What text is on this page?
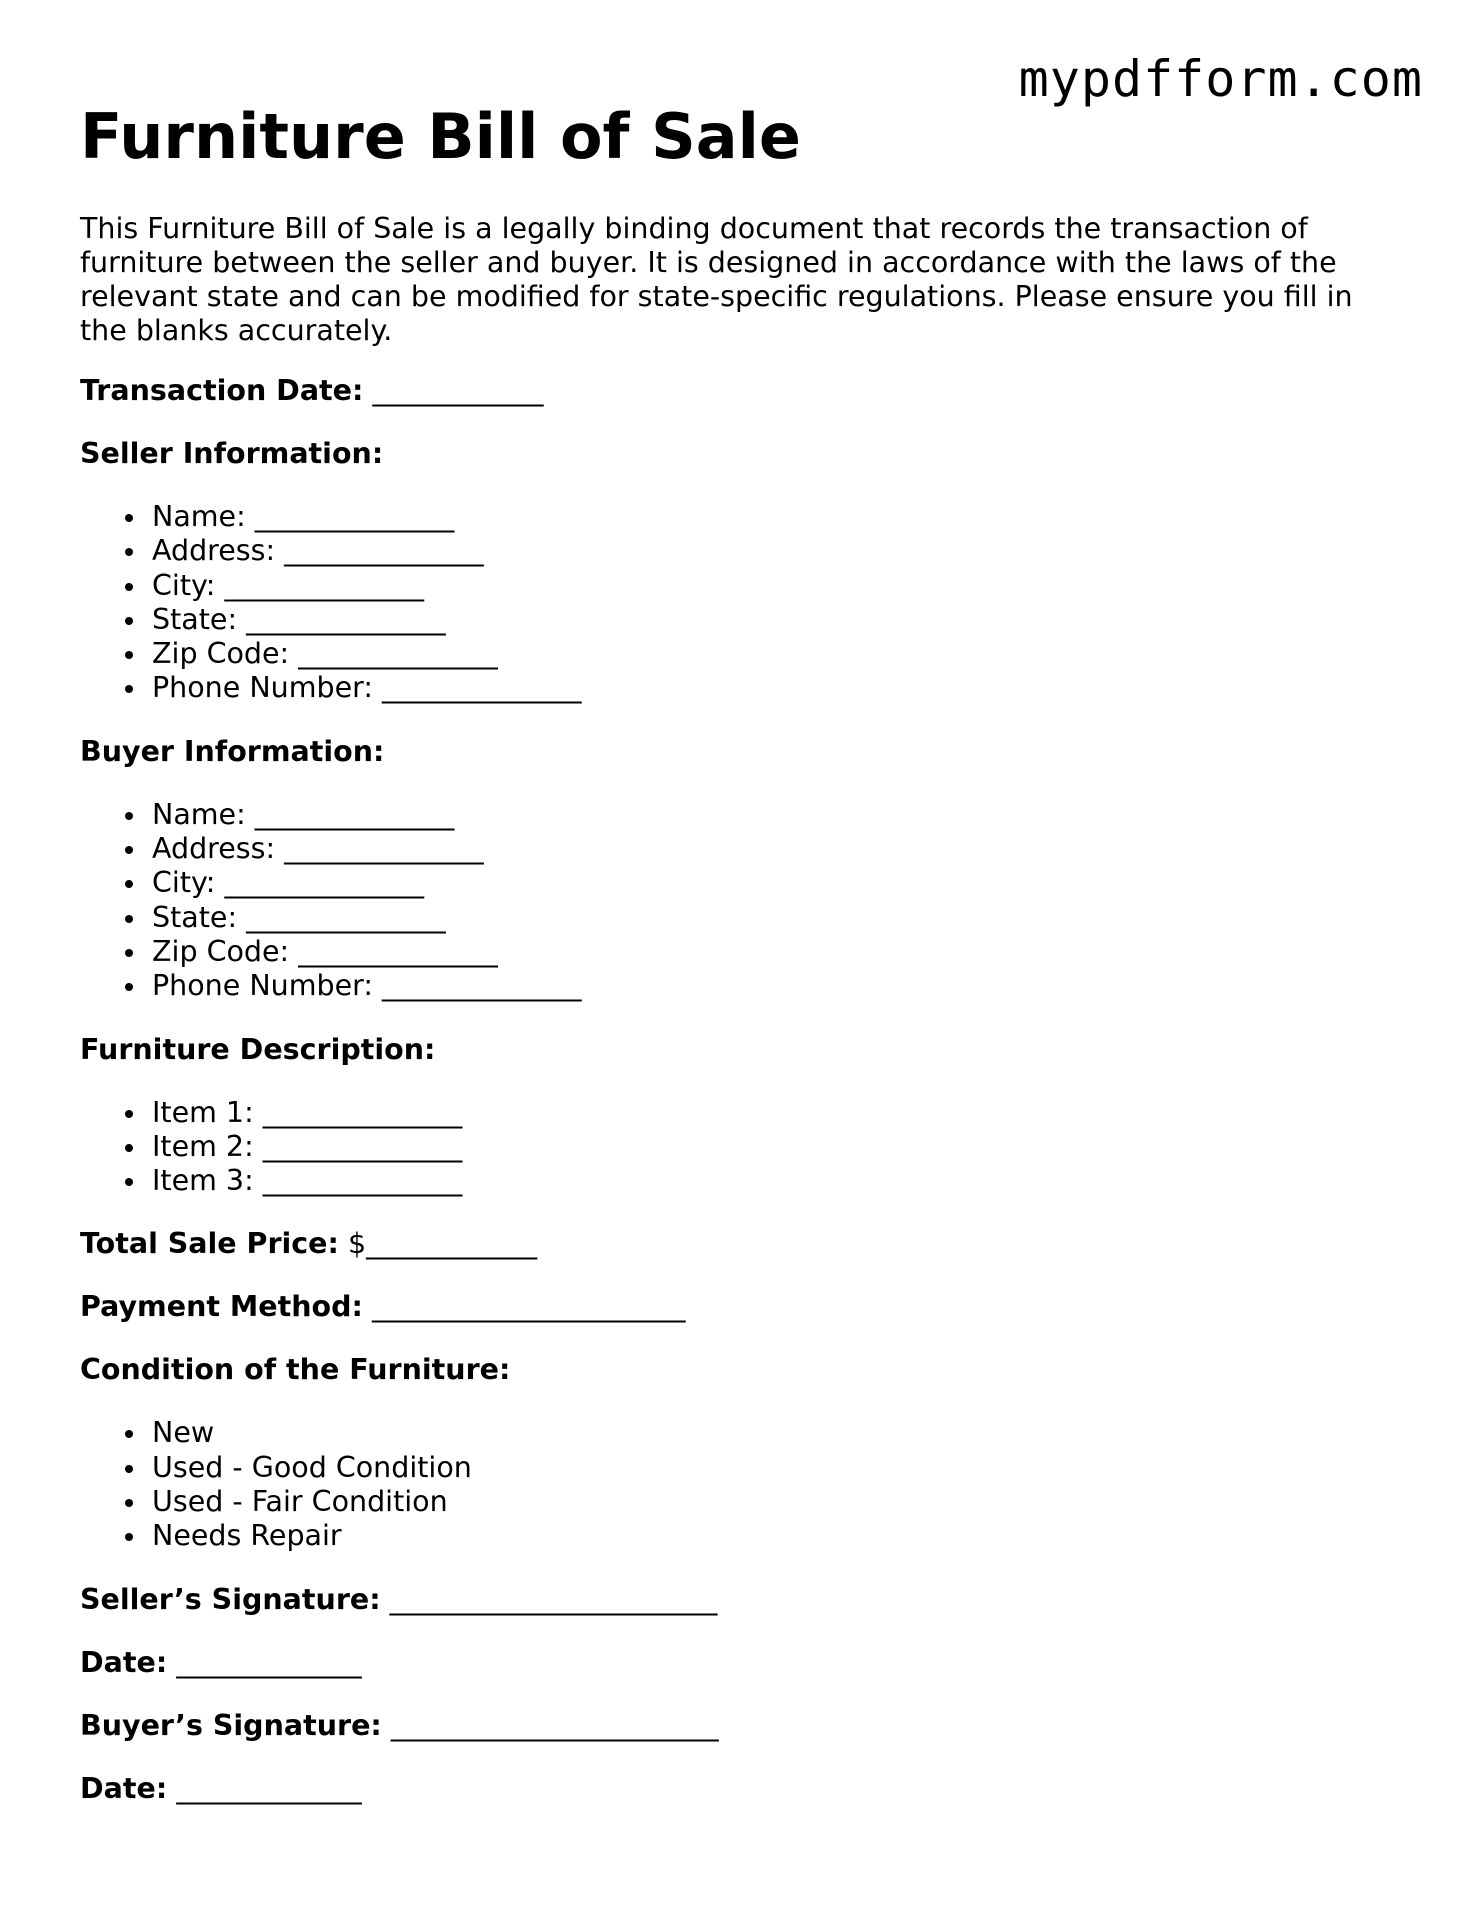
mypdfform.com
Furniture Bill of Sale

This Furniture Bill of Sale is a legally binding document that records the transaction of furniture between the seller and buyer. It is designed in accordance with the laws of the relevant state and can be modified for state-specific regulations. Please ensure you fill in the blanks accurately.

Transaction Date: ____________

Seller Information:

Name: ______________
Address: ______________
City: ______________
State: ______________
Zip Code: ______________
Phone Number: ______________

Buyer Information:

Name: ______________
Address: ______________
City: ______________
State: ______________
Zip Code: ______________
Phone Number: ______________

Furniture Description:

Item 1: ______________
Item 2: ______________
Item 3: ______________

Total Sale Price: $____________

Payment Method: ______________________

Condition of the Furniture:

New
Used - Good Condition
Used - Fair Condition
Needs Repair

Seller’s Signature: _______________________

Date: _____________

Buyer’s Signature: _______________________

Date: _____________
